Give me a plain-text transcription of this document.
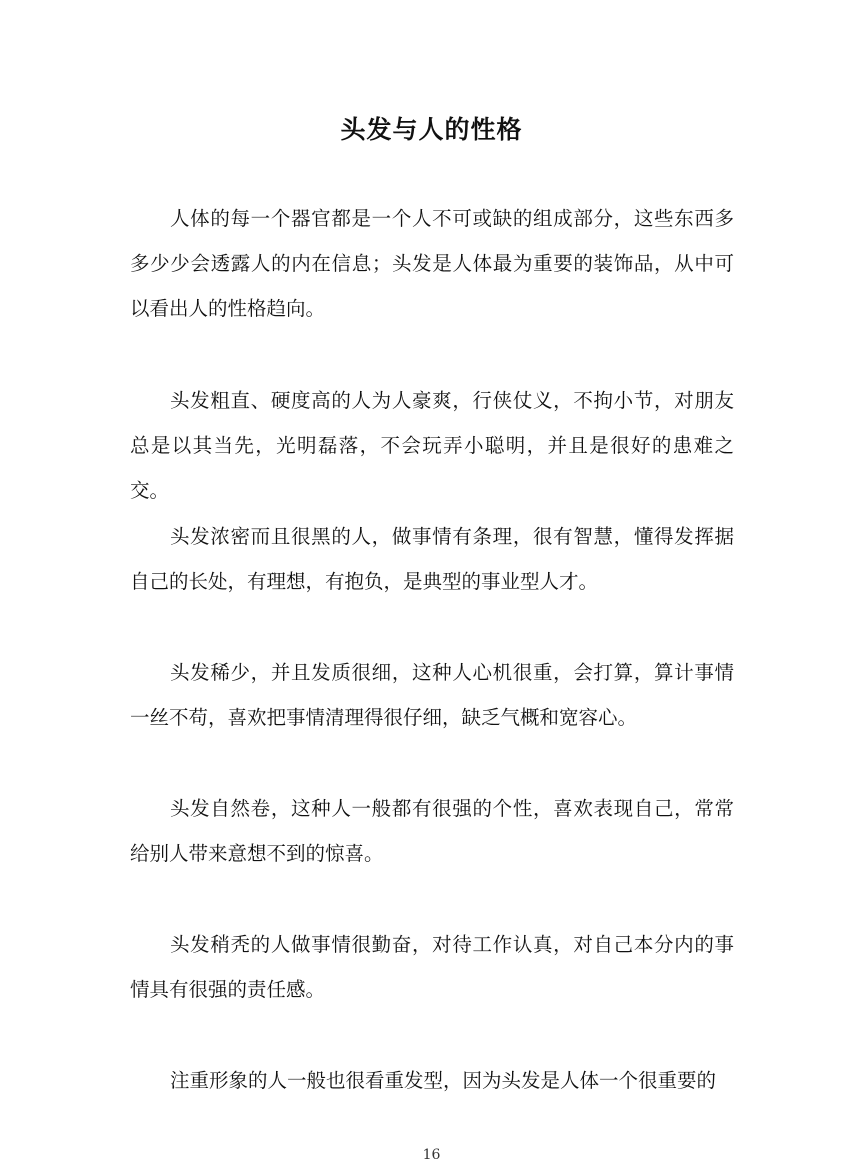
头发与人的性格

人体的每一个器官都是一个人不可或缺的组成部分，这些东西多多少少会透露人的内在信息；头发是人体最为重要的装饰品，从中可以看出人的性格趋向。

头发粗直、硬度高的人为人豪爽，行侠仗义，不拘小节，对朋友总是以其当先，光明磊落，不会玩弄小聪明，并且是很好的患难之交。

头发浓密而且很黑的人，做事情有条理，很有智慧，懂得发挥据自己的长处，有理想，有抱负，是典型的事业型人才。

头发稀少，并且发质很细，这种人心机很重，会打算，算计事情一丝不苟，喜欢把事情清理得很仔细，缺乏气概和宽容心。

头发自然卷，这种人一般都有很强的个性，喜欢表现自己，常常给别人带来意想不到的惊喜。

头发稍秃的人做事情很勤奋，对待工作认真，对自己本分内的事情具有很强的责任感。

注重形象的人一般也很看重发型，因为头发是人体一个很重要的

16
